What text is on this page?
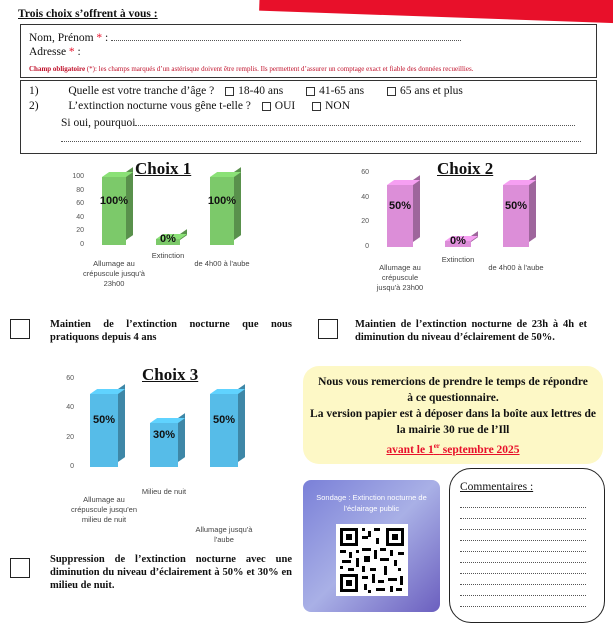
Trois choix s’offrent à vous :
Nom, Prénom * :
Adresse * :
Champ obligatoire (*): les champs marqués d’un astérisque doivent être remplis. Ils permettent d’assurer un comptage exact et fiable des données recueillies.
1)	Quelle est votre tranche d’âge ? 18-40 ans	41-65 ans	65 ans et plus
2)	L’extinction nocturne vous gêne t-elle ? OUI	NON
Si oui, pourquoi
Choix 1
100
80
60
40
20
0
100%
Allumage au crépuscule jusqu'à 23h00
0%
Extinction
100%
de 4h00 à l'aube
Choix 2
60
40
20
0
50%
Allumage au crépuscule jusqu'à 23h00
0%
Extinction
50%
de 4h00 à l'aube
Choix 3
60
40
20
0
50%
Allumage au crépuscule jusqu'en milieu de nuit
30%
Milieu de nuit
50%
Allumage jusqu'à l'aube
Maintien de l’extinction nocturne que nous pratiquons depuis 4 ans
Maintien de l’extinction nocturne de 23h à 4h et diminution du niveau d’éclairement de 50%.
Suppression de l’extinction nocturne avec une diminution du niveau d’éclairement à 50% et 30% en milieu de nuit.
Nous vous remercions de prendre le temps de répondre à ce questionnaire.
La version papier est à déposer dans la boîte aux lettres de la mairie 30 rue de l’Ill
avant le 1er septembre 2025
Sondage : Extinction nocturne de l'éclairage public
Commentaires :
